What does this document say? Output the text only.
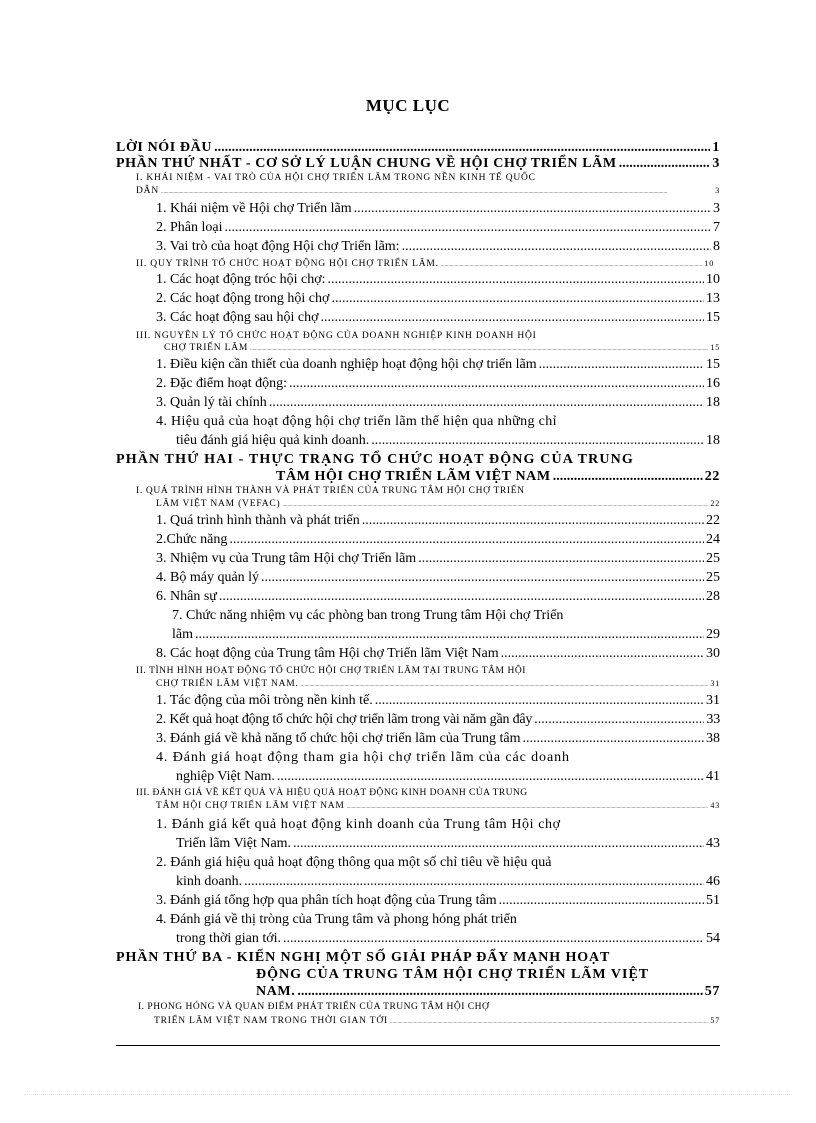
MỤC LỤC
LỜI NÓI ĐẦU .....	1
PHẦN THỨ NHẤT - CƠ SỞ LÝ LUẬN CHUNG VỀ HỘI CHỢ TRIỂN LÃM .....	3
I. KHÁI NIỆM - VAI TRÒ CỦA HỘI CHỢ TRIỂN LÃM TRONG NỀN KINH TẾ QUỐC
DÂN .....	3
1. Khái niệm về Hội chợ Triển lãm .....	3
2. Phân loại .....	7
3. Vai trò của hoạt động Hội chợ Triển lãm: .....	8
II. QUY TRÌNH TỔ CHỨC HOẠT ĐỘNG HỘI CHỢ TRIỂN LÃM. .....	10
1. Các hoạt động tróc hội chợ: .....	10
2. Các hoạt động trong hội chợ .....	13
3. Các hoạt động sau hội chợ .....	15
III. NGUYÊN LÝ TỔ CHỨC HOẠT ĐỘNG CỦA DOANH NGHIỆP KINH DOANH HỘI
CHỢ TRIỂN LÃM .....	15
1. Điều kiện cần thiết của doanh nghiệp hoạt động hội chợ triển lãm .....	15
2. Đặc điểm hoạt động: .....	16
3. Quản lý tài chính .....	18
4. Hiệu quả của hoạt động hội chợ triển lãm thể hiện qua những chỉ
tiêu đánh giá hiệu quả kinh doanh. .....	18
PHẦN THỨ HAI - THỰC TRẠNG TỔ CHỨC HOẠT ĐỘNG CỦA TRUNG
TÂM HỘI CHỢ TRIỂN LÃM VIỆT NAM .....	22
I. QUÁ TRÌNH HÌNH THÀNH VÀ PHÁT TRIỂN CỦA TRUNG TÂM HỘI CHỢ TRIỂN
LÃM VIỆT NAM (VEFAC) .....	22
1. Quá trình hình thành và phát triển .....	22
2.Chức năng .....	24
3. Nhiệm vụ của Trung tâm Hội chợ Triển lãm .....	25
4. Bộ máy quản lý .....	25
6. Nhân sự .....	28
7. Chức năng nhiệm vụ các phòng ban trong Trung tâm Hội chợ Triển
lãm .....	29
8. Các hoạt động của Trung tâm Hội chợ Triển lãm Việt Nam .....	30
II. TÌNH HÌNH HOẠT ĐỘNG TỔ CHỨC HỘI CHỢ TRIỂN LÃM TẠI TRUNG TÂM HỘI
CHỢ TRIỂN LÃM VIỆT NAM. .....	31
1. Tác động của môi tròng nền kinh tế. .....	31
2. Kết quả hoạt động tổ chức hội chợ triển lãm trong vài năm gần đây .....	33
3. Đánh giá về khả năng tổ chức hội chợ triển lãm của Trung tâm .....	38
4. Đánh giá hoạt động tham gia hội chợ triển lãm của các doanh
nghiệp Việt Nam. .....	41
III. ĐÁNH GIÁ VỀ KẾT QUẢ VÀ HIỆU QUẢ HOẠT ĐỘNG KINH DOANH CỦA TRUNG
TÂM HỘI CHỢ TRIỂN LÃM VIỆT NAM .....	43
1. Đánh giá kết quả hoạt động kinh doanh của Trung tâm Hội chợ
Triển lãm Việt Nam. .....	43
2. Đánh giá hiệu quả hoạt động thông qua một số chỉ tiêu về hiệu quả
kinh doanh. .....	46
3. Đánh giá tổng hợp qua phân tích hoạt động của Trung tâm .....	51
4. Đánh giá về thị tròng của Trung tâm và phong hóng phát triển
trong thời gian tới. .....	54
PHẦN THỨ BA - KIẾN NGHỊ MỘT SỐ GIẢI PHÁP ĐẨY MẠNH HOẠT
ĐỘNG CỦA TRUNG TÂM HỘI CHỢ TRIỂN LÃM VIỆT
NAM. .....	57
I. PHONG HÓNG VÀ QUAN ĐIỂM PHÁT TRIỂN CỦA TRUNG TÂM HỘI CHỢ
TRIỂN LÃM VIỆT NAM TRONG THỜI GIAN TỚI .....	57
